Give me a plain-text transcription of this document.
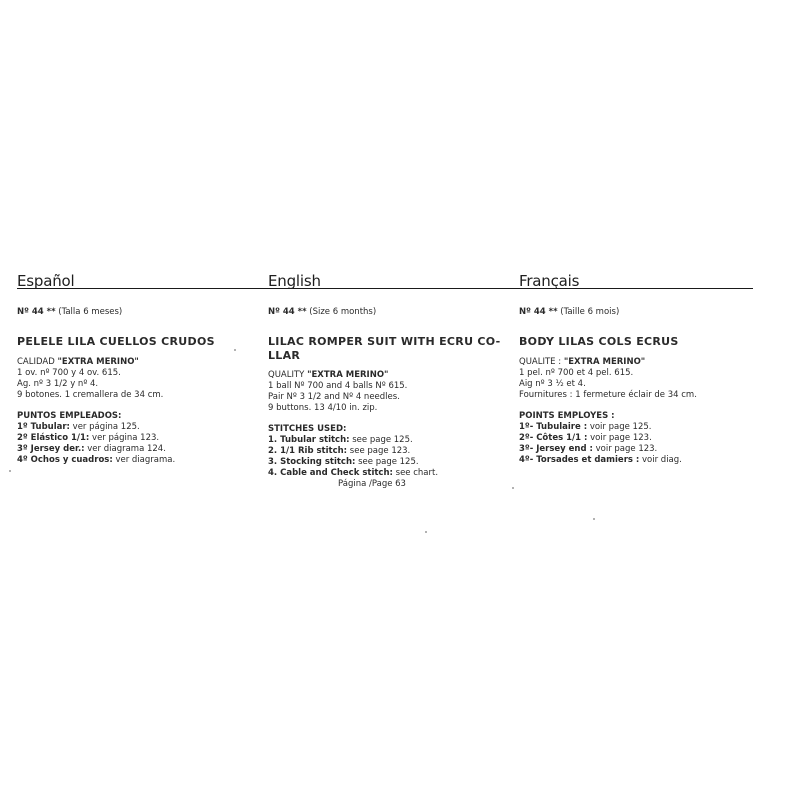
Español
Nº 44 ** (Talla 6 meses)
PELELE LILA CUELLOS CRUDOS
CALIDAD "EXTRA MERINO"
1 ov. nº 700 y 4 ov. 615.
Ag. nº 3 1/2 y nº 4.
9 botones. 1 cremallera de 34 cm.
PUNTOS EMPLEADOS:
1º Tubular: ver página 125.
2º Elástico 1/1: ver página 123.
3º Jersey der.: ver diagrama 124.
4º Ochos y cuadros: ver diagrama.
English
Nº 44 ** (Size 6 months)
LILAC ROMPER SUIT WITH ECRU CO-
LLAR
QUALITY "EXTRA MERINO"
1 ball Nº 700 and 4 balls Nº 615.
Pair Nº 3 1/2 and Nº 4 needles.
9 buttons. 13 4/10 in. zip.
STITCHES USED:
1. Tubular stitch: see page 125.
2. 1/1 Rib stitch: see page 123.
3. Stocking stitch: see page 125.
4. Cable and Check stitch: see chart.
Página /Page 63
Français
Nº 44 ** (Taille 6 mois)
BODY LILAS COLS ECRUS
QUALITE : "EXTRA MERINO"
1 pel. nº 700 et 4 pel. 615.
Aig nº 3 ½ et 4.
Fournitures : 1 fermeture éclair de 34 cm.
POINTS EMPLOYES :
1º- Tubulaire : voir page 125.
2º- Côtes 1/1 : voir page 123.
3º- Jersey end : voir page 123.
4º- Torsades et damiers : voir diag.
